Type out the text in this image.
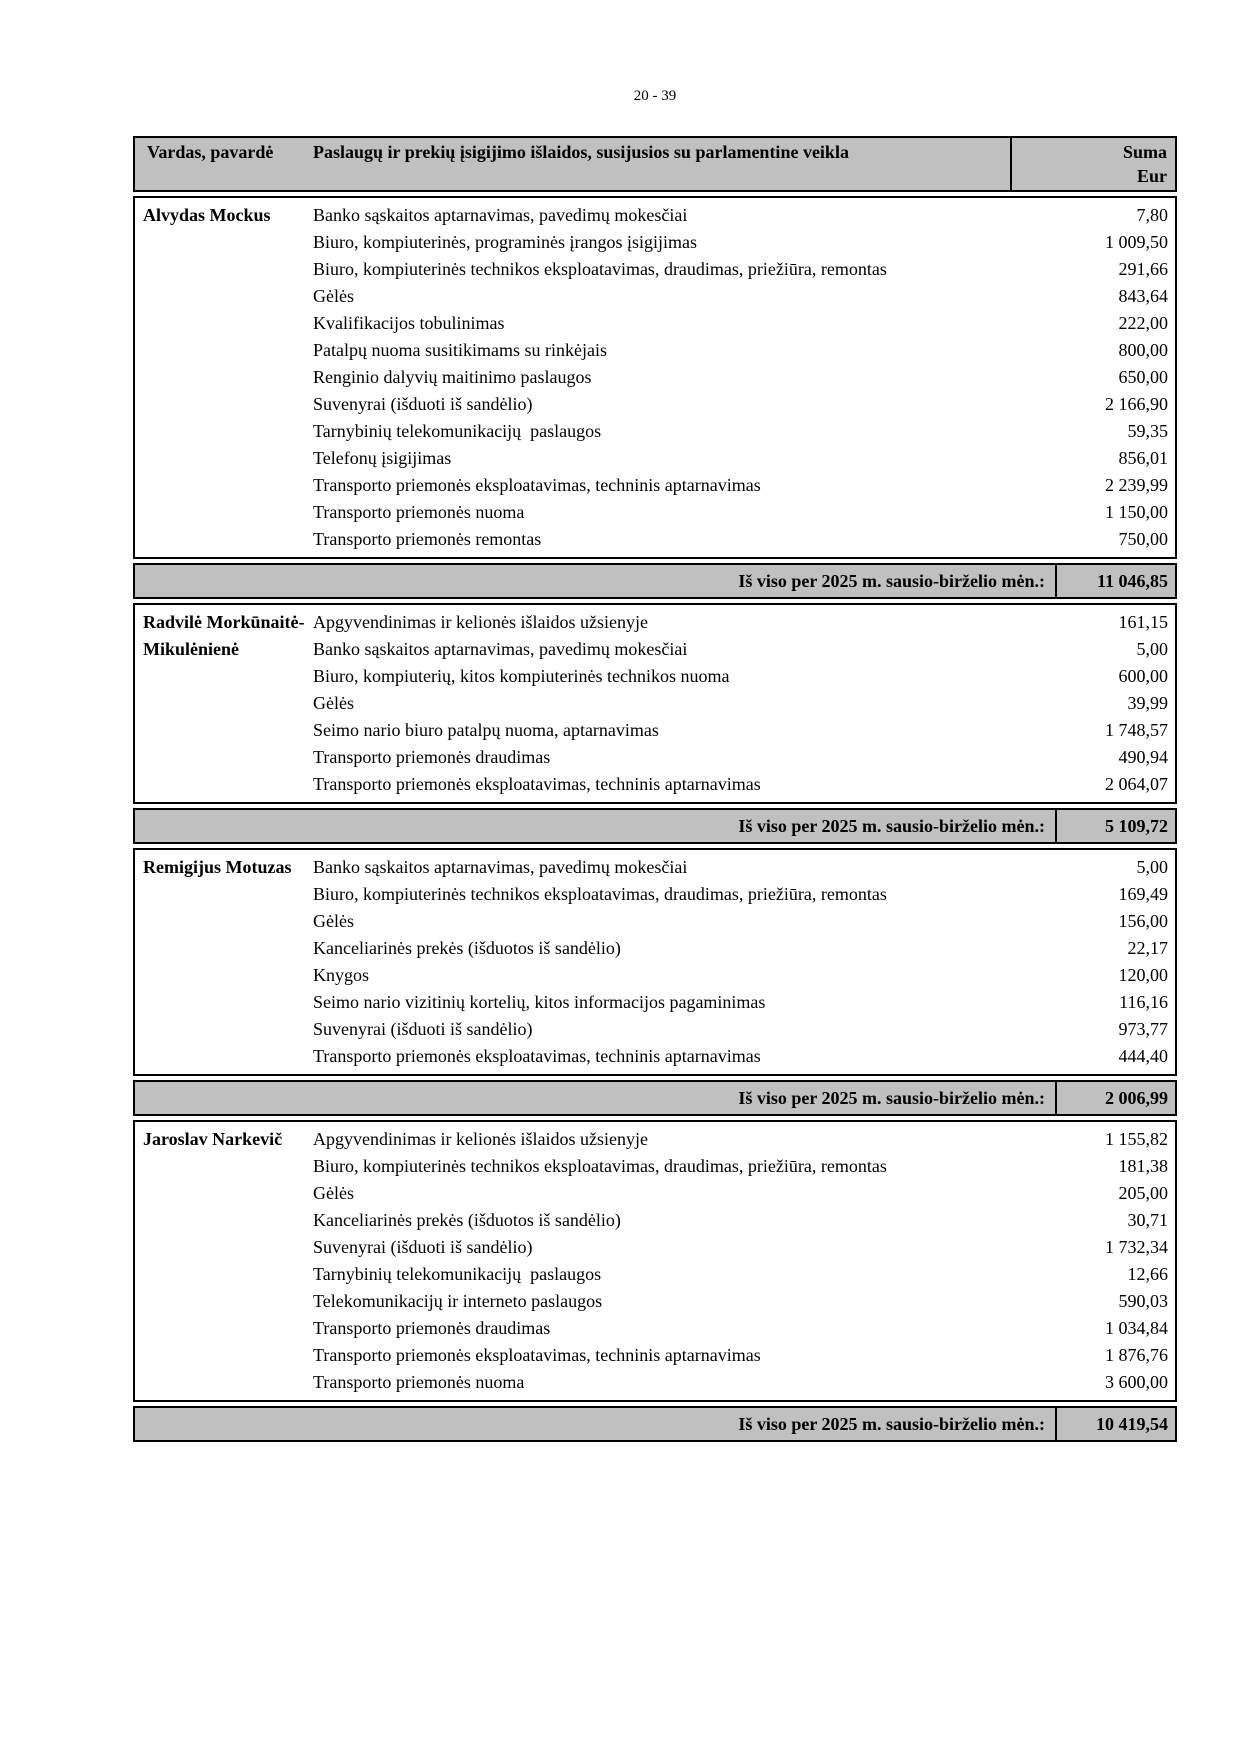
20 - 39
Vardas, pavardė	Paslaugų ir prekių įsigijimo išlaidos, susijusios su parlamentine veikla	Suma
Eur
Alvydas Mockus	Banko sąskaitos aptarnavimas, pavedimų mokesčiai	7,80
Biuro, kompiuterinės, programinės įrangos įsigijimas	1 009,50
Biuro, kompiuterinės technikos eksploatavimas, draudimas, priežiūra, remontas	291,66
Gėlės	843,64
Kvalifikacijos tobulinimas	222,00
Patalpų nuoma susitikimams su rinkėjais	800,00
Renginio dalyvių maitinimo paslaugos	650,00
Suvenyrai (išduoti iš sandėlio)	2 166,90
Tarnybinių telekomunikacijų  paslaugos	59,35
Telefonų įsigijimas	856,01
Transporto priemonės eksploatavimas, techninis aptarnavimas	2 239,99
Transporto priemonės nuoma	1 150,00
Transporto priemonės remontas	750,00
Iš viso per 2025 m. sausio-birželio mėn.:	11 046,85
Radvilė Morkūnaitė-Mikulėnienė
Apgyvendinimas ir kelionės išlaidos užsienyje	161,15
Banko sąskaitos aptarnavimas, pavedimų mokesčiai	5,00
Biuro, kompiuterių, kitos kompiuterinės technikos nuoma	600,00
Gėlės	39,99
Seimo nario biuro patalpų nuoma, aptarnavimas	1 748,57
Transporto priemonės draudimas	490,94
Transporto priemonės eksploatavimas, techninis aptarnavimas	2 064,07
Iš viso per 2025 m. sausio-birželio mėn.:	5 109,72
Remigijus Motuzas	Banko sąskaitos aptarnavimas, pavedimų mokesčiai	5,00
Biuro, kompiuterinės technikos eksploatavimas, draudimas, priežiūra, remontas	169,49
Gėlės	156,00
Kanceliarinės prekės (išduotos iš sandėlio)	22,17
Knygos	120,00
Seimo nario vizitinių kortelių, kitos informacijos pagaminimas	116,16
Suvenyrai (išduoti iš sandėlio)	973,77
Transporto priemonės eksploatavimas, techninis aptarnavimas	444,40
Iš viso per 2025 m. sausio-birželio mėn.:	2 006,99
Jaroslav Narkevič	Apgyvendinimas ir kelionės išlaidos užsienyje	1 155,82
Biuro, kompiuterinės technikos eksploatavimas, draudimas, priežiūra, remontas	181,38
Gėlės	205,00
Kanceliarinės prekės (išduotos iš sandėlio)	30,71
Suvenyrai (išduoti iš sandėlio)	1 732,34
Tarnybinių telekomunikacijų  paslaugos	12,66
Telekomunikacijų ir interneto paslaugos	590,03
Transporto priemonės draudimas	1 034,84
Transporto priemonės eksploatavimas, techninis aptarnavimas	1 876,76
Transporto priemonės nuoma	3 600,00
Iš viso per 2025 m. sausio-birželio mėn.:	10 419,54
